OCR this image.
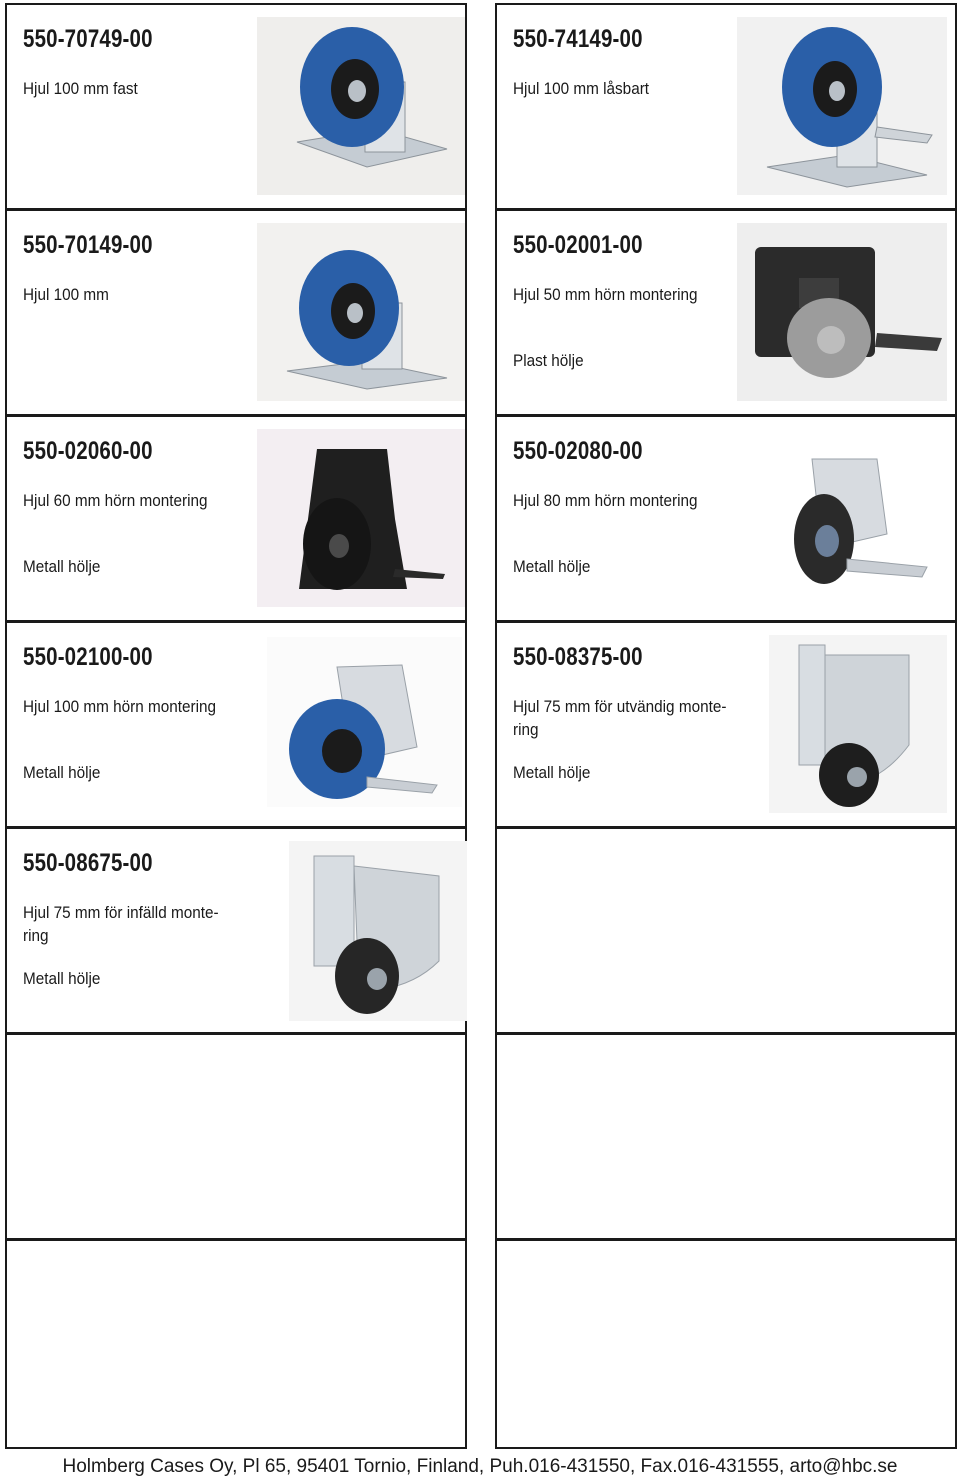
550-70749-00
Hjul 100 mm fast
550-74149-00
Hjul 100 mm låsbart
550-70149-00
Hjul 100 mm
550-02001-00
Hjul 50 mm hörn montering
Plast hölje
550-02060-00
Hjul 60 mm hörn montering
Metall hölje
550-02080-00
Hjul 80 mm hörn montering
Metall hölje
550-02100-00
Hjul 100 mm hörn montering
Metall hölje
550-08375-00
Hjul 75 mm för utvändig monte-ring
Metall hölje
550-08675-00
Hjul 75 mm för infälld monte-ring
Metall hölje
Holmberg Cases Oy, Pl 65, 95401 Tornio, Finland, Puh.016-431550, Fax.016-431555, arto@hbc.se
